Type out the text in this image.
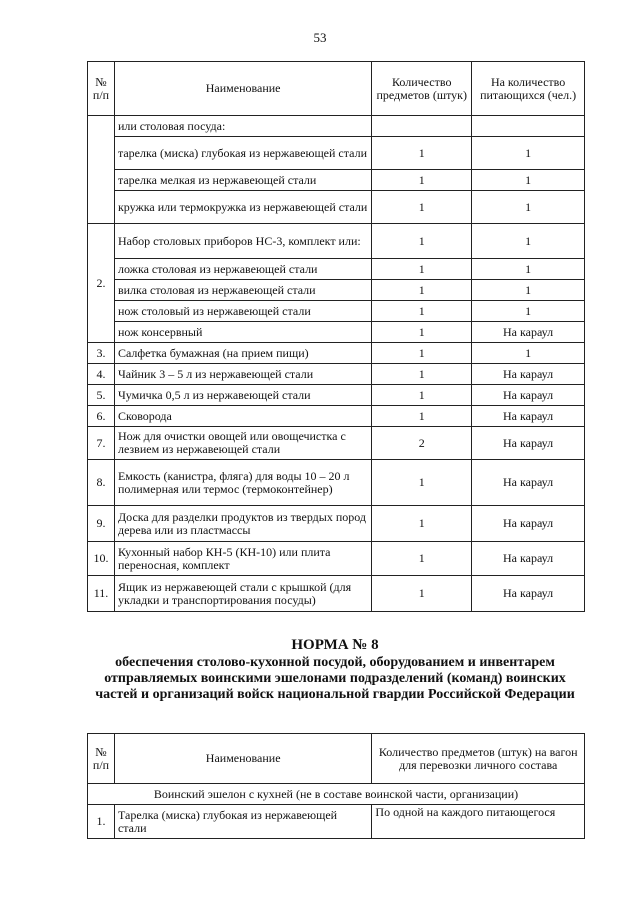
53
№ п/п	Наименование	Количество предметов (штук)	На количество питающихся (чел.)
	или столовая посуда:		
	тарелка (миска) глубокая из нержавеющей стали	1	1
	тарелка мелкая из нержавеющей стали	1	1
	кружка или термокружка из нержавеющей стали	1	1
2.	Набор столовых приборов НС-3, комплект или:	1	1
	ложка столовая из нержавеющей стали	1	1
	вилка столовая из нержавеющей стали	1	1
	нож столовый из нержавеющей стали	1	1
	нож консервный	1	На караул
3.	Салфетка бумажная (на прием пищи)	1	1
4.	Чайник 3 – 5 л из нержавеющей стали	1	На караул
5.	Чумичка 0,5 л из нержавеющей стали	1	На караул
6.	Сковорода	1	На караул
7.	Нож для очистки овощей или овощечистка с лезвием из нержавеющей стали	2	На караул
8.	Емкость (канистра, фляга) для воды 10 – 20 л полимерная или термос (термоконтейнер)	1	На караул
9.	Доска для разделки продуктов из твердых пород дерева или из пластмассы	1	На караул
10.	Кухонный набор КН-5 (КН-10) или плита переносная, комплект	1	На караул
11.	Ящик из нержавеющей стали с крышкой (для укладки и транспортирования посуды)	1	На караул
НОРМА № 8
обеспечения столово-кухонной посудой, оборудованием и инвентарем отправляемых воинскими эшелонами подразделений (команд) воинских частей и организаций войск национальной гвардии Российской Федерации
№ п/п	Наименование	Количество предметов (штук) на вагон для перевозки личного состава
Воинский эшелон с кухней (не в составе воинской части, организации)		
1.	Тарелка (миска) глубокая из нержавеющей стали	По одной на каждого питающегося
